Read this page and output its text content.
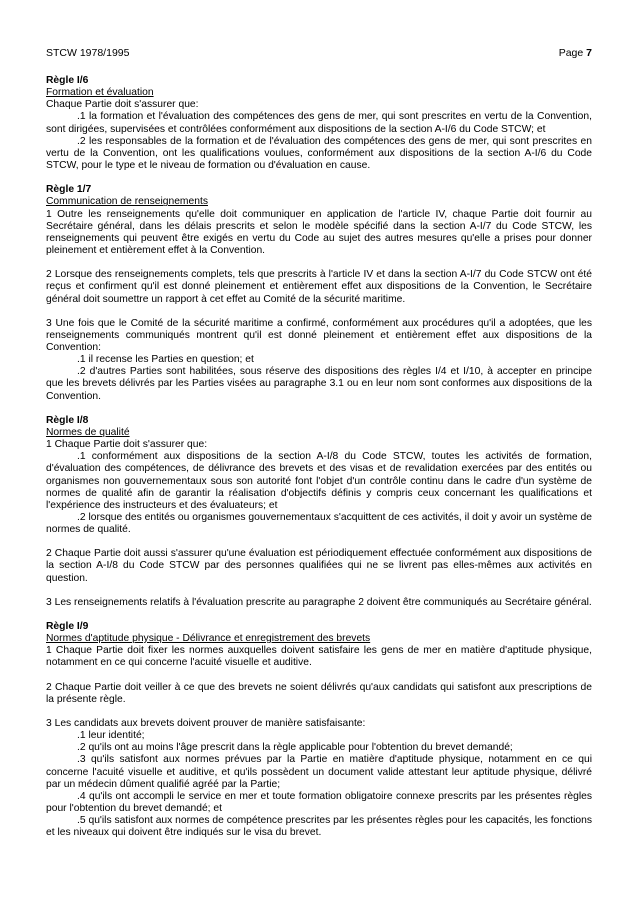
STCW 1978/1995	Page 7

Règle I/6

Formation et évaluation

Chaque Partie doit s'assurer que:

.1 la formation et l'évaluation des compétences des gens de mer, qui sont prescrites en vertu de la Convention, sont dirigées, supervisées et contrôlées conformément aux dispositions de la section A-I/6 du Code STCW; et

.2 les responsables de la formation et de l'évaluation des compétences des gens de mer, qui sont prescrites en vertu de la Convention, ont les qualifications voulues, conformément aux dispositions de la section A-I/6 du Code STCW, pour le type et le niveau de formation ou d'évaluation en cause.

Règle 1/7

Communication de renseignements

1 Outre les renseignements qu'elle doit communiquer en application de l'article IV, chaque Partie doit fournir au Secrétaire général, dans les délais prescrits et selon le modèle spécifié dans la section A-I/7 du Code STCW, les renseignements qui peuvent être exigés en vertu du Code au sujet des autres mesures qu'elle a prises pour donner pleinement et entièrement effet à la Convention.

2 Lorsque des renseignements complets, tels que prescrits à l'article IV et dans la section A-I/7 du Code STCW ont été reçus et confirment qu'il est donné pleinement et entièrement effet aux dispositions de la Convention, le Secrétaire général doit soumettre un rapport à cet effet au Comité de la sécurité maritime.

3 Une fois que le Comité de la sécurité maritime a confirmé, conformément aux procédures qu'il a adoptées, que les renseignements communiqués montrent qu'il est donné pleinement et entièrement effet aux dispositions de la Convention:

.1 il recense les Parties en question; et

.2 d'autres Parties sont habilitées, sous réserve des dispositions des règles I/4 et I/10, à accepter en principe que les brevets délivrés par les Parties visées au paragraphe 3.1 ou en leur nom sont conformes aux dispositions de la Convention.

Règle I/8

Normes de qualité

1 Chaque Partie doit s'assurer que:

.1 conformément aux dispositions de la section A-I/8 du Code STCW, toutes les activités de formation, d'évaluation des compétences, de délivrance des brevets et des visas et de revalidation exercées par des entités ou organismes non gouvernementaux sous son autorité font l'objet d'un contrôle continu dans le cadre d'un système de normes de qualité afin de garantir la réalisation d'objectifs définis y compris ceux concernant les qualifications et l'expérience des instructeurs et des évaluateurs; et

.2 lorsque des entités ou organismes gouvernementaux s'acquittent de ces activités, il doit y avoir un système de normes de qualité.

2 Chaque Partie doit aussi s'assurer qu'une évaluation est périodiquement effectuée conformément aux dispositions de la section A-I/8 du Code STCW par des personnes qualifiées qui ne se livrent pas elles-mêmes aux activités en question.

3 Les renseignements relatifs à l'évaluation prescrite au paragraphe 2 doivent être communiqués au Secrétaire général.

Règle I/9

Normes d'aptitude physique - Délivrance et enregistrement des brevets

1 Chaque Partie doit fixer les normes auxquelles doivent satisfaire les gens de mer en matière d'aptitude physique, notamment en ce qui concerne l'acuité visuelle et auditive.

2 Chaque Partie doit veiller à ce que des brevets ne soient délivrés qu'aux candidats qui satisfont aux prescriptions de la présente règle.

3 Les candidats aux brevets doivent prouver de manière satisfaisante:

.1 leur identité;

.2 qu'ils ont au moins l'âge prescrit dans la règle applicable pour l'obtention du brevet demandé;

.3 qu'ils satisfont aux normes prévues par la Partie en matière d'aptitude physique, notamment en ce qui concerne l'acuité visuelle et auditive, et qu'ils possèdent un document valide attestant leur aptitude physique, délivré par un médecin dûment qualifié agréé par la Partie;

.4 qu'ils ont accompli le service en mer et toute formation obligatoire connexe prescrits par les présentes règles pour l'obtention du brevet demandé; et

.5 qu'ils satisfont aux normes de compétence prescrites par les présentes règles pour les capacités, les fonctions et les niveaux qui doivent être indiqués sur le visa du brevet.
